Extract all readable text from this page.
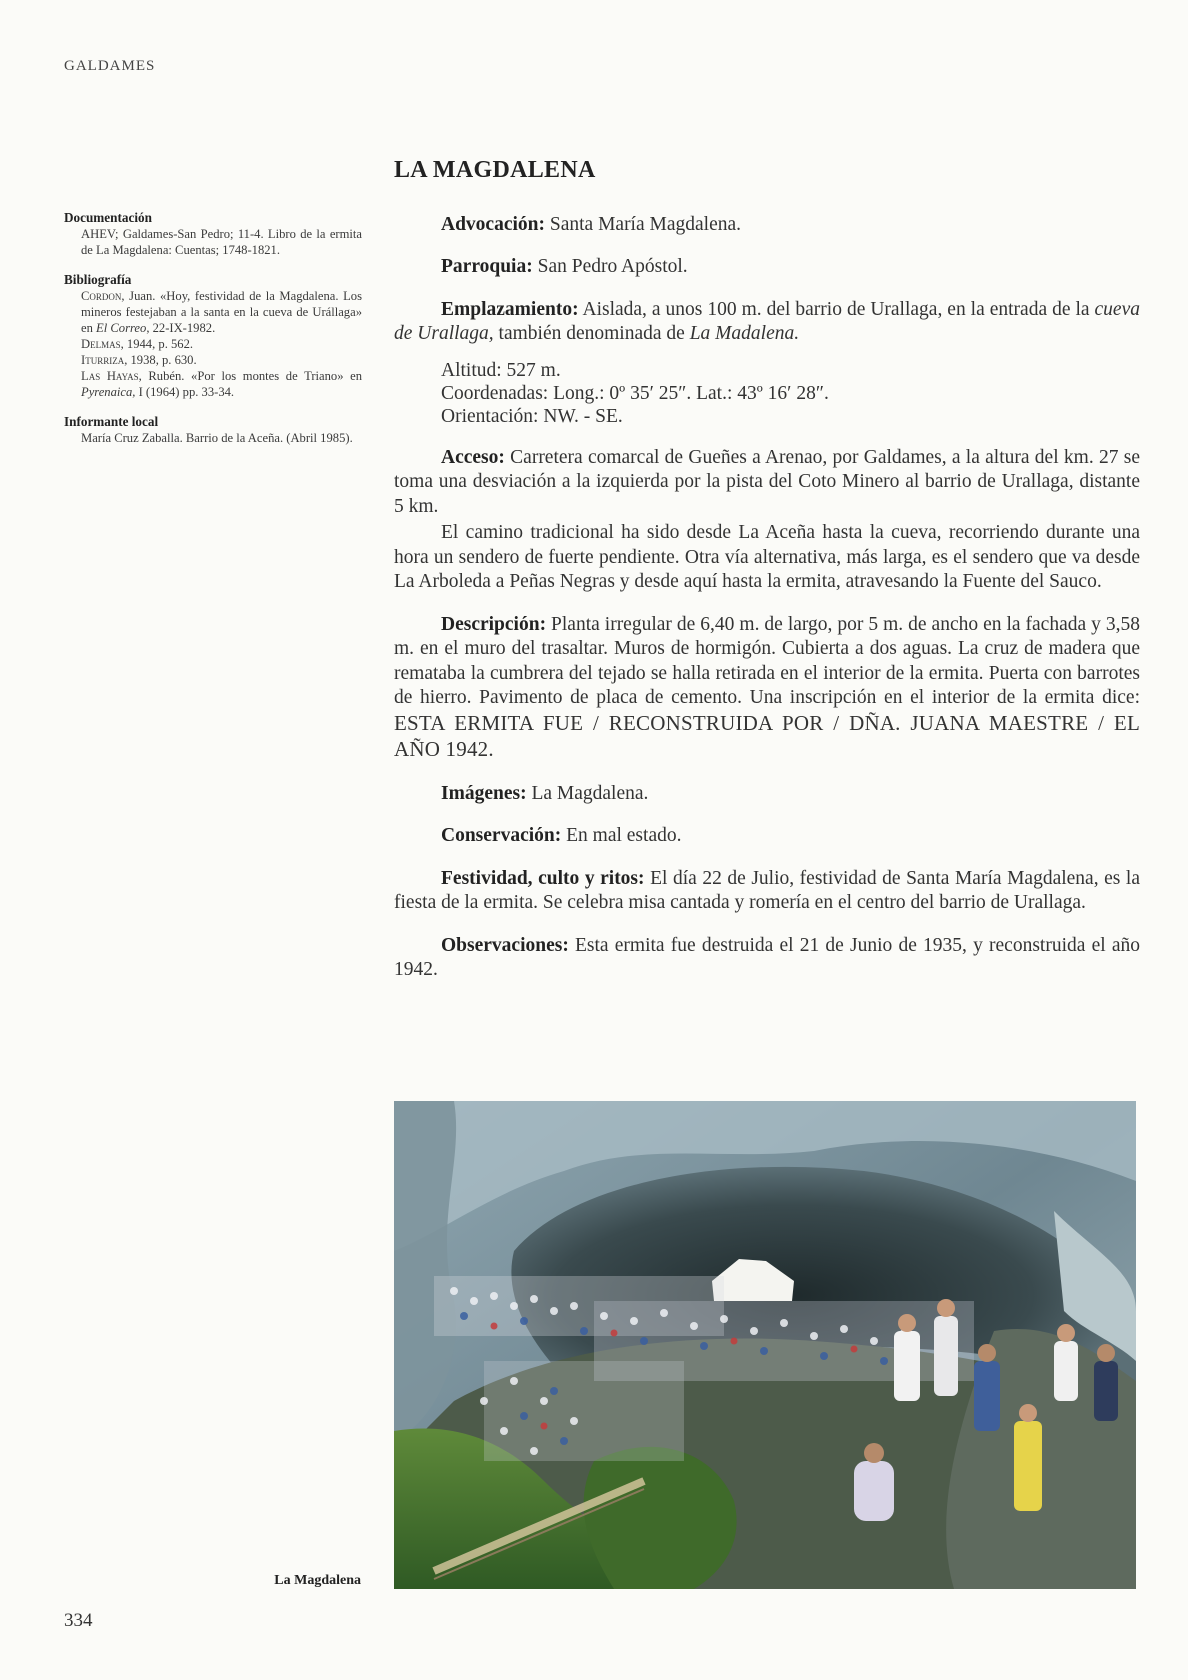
GALDAMES
Documentación
AHEV; Galdames-San Pedro; 11-4. Libro de la ermita de La Magdalena: Cuentas; 1748-1821.
Bibliografía
Cordon, Juan. «Hoy, festividad de la Magdalena. Los mineros festejaban a la santa en la cueva de Urállaga» en El Correo, 22-IX-1982.
Delmas, 1944, p. 562.
Iturriza, 1938, p. 630.
Las Hayas, Rubén. «Por los montes de Triano» en Pyrenaica, I (1964) pp. 33-34.
Informante local
María Cruz Zaballa. Barrio de la Aceña. (Abril 1985).
LA MAGDALENA

Advocación: Santa María Magdalena.

Parroquia: San Pedro Apóstol.

Emplazamiento: Aislada, a unos 100 m. del barrio de Urallaga, en la entrada de la cueva de Urallaga, también denominada de La Madalena.

Altitud: 527 m.
Coordenadas: Long.: 0º 35′ 25″. Lat.: 43º 16′ 28″.
Orientación: NW. - SE.

Acceso: Carretera comarcal de Gueñes a Arenao, por Galdames, a la altura del km. 27 se toma una desviación a la izquierda por la pista del Coto Minero al barrio de Urallaga, distante 5 km.

El camino tradicional ha sido desde La Aceña hasta la cueva, recorriendo durante una hora un sendero de fuerte pendiente. Otra vía alternativa, más larga, es el sendero que va desde La Arboleda a Peñas Negras y desde aquí hasta la ermita, atravesando la Fuente del Sauco.

Descripción: Planta irregular de 6,40 m. de largo, por 5 m. de ancho en la fachada y 3,58 m. en el muro del trasaltar. Muros de hormigón. Cubierta a dos aguas. La cruz de madera que remataba la cumbrera del tejado se halla retirada en el interior de la ermita. Puerta con barrotes de hierro. Pavimento de placa de cemento. Una inscripción en el interior de la ermita dice: ESTA ERMITA FUE / RECONSTRUIDA POR / DÑA. JUANA MAESTRE / EL AÑO 1942.

Imágenes: La Magdalena.

Conservación: En mal estado.

Festividad, culto y ritos: El día 22 de Julio, festividad de Santa María Magdalena, es la fiesta de la ermita. Se celebra misa cantada y romería en el centro del barrio de Urallaga.

Observaciones: Esta ermita fue destruida el 21 de Junio de 1935, y reconstruida el año 1942.

La Magdalena
334
